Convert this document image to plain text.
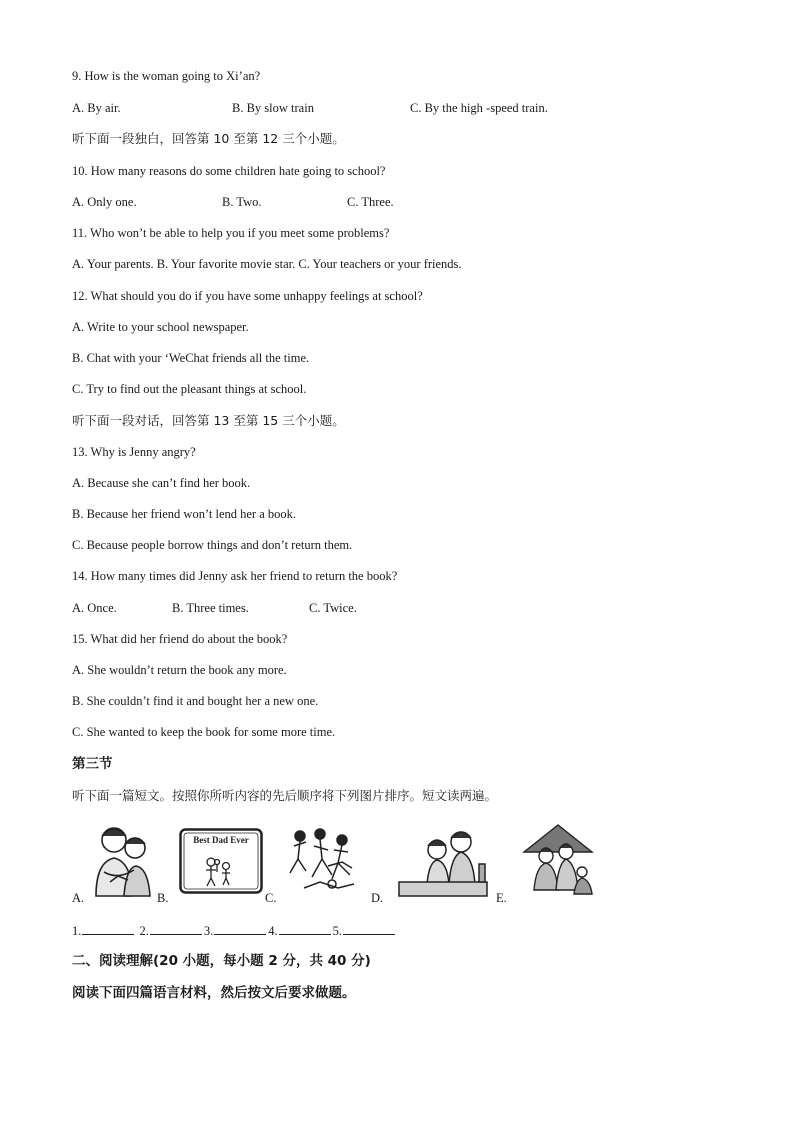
9. How is the woman going to Xi’an?
A. By air.	B. By slow train	C. By the high -speed train.
听下面一段独白，回答第 10 至第 12 三个小题。
10. How many reasons do some children hate going to school?
A. Only one.	B. Two.	C. Three.
11. Who won’t be able to help you if you meet some problems?
A. Your parents. B. Your favorite movie star. C. Your teachers or your friends.
12. What should you do if you have some unhappy feelings at school?
A. Write to your school newspaper.
B. Chat with your ‘WeChat friends all the time.
C. Try to find out the pleasant things at school.
听下面一段对话，回答第 13 至第 15 三个小题。
13. Why is Jenny angry?
A. Because she can’t find her book.
B. Because her friend won’t lend her a book.
C. Because people borrow things and don’t return them.
14. How many times did Jenny ask her friend to return the book?
A. Once.	B. Three times.	C. Twice.
15. What did her friend do about the book?
A. She wouldn’t return the book any more.
B. She couldn’t find it and bought her a new one.
C. She wanted to keep the book for some more time.
第三节
听下面一篇短文。按照你所听内容的先后顺序将下列图片排序。短文读两遍。
A.
Best Dad Ever
B.	C.	D.	E.
1.	2.	3.	4.	5.
二、阅读理解(20 小题，每小题 2 分，共 40 分)
阅读下面四篇语言材料，然后按文后要求做题。
